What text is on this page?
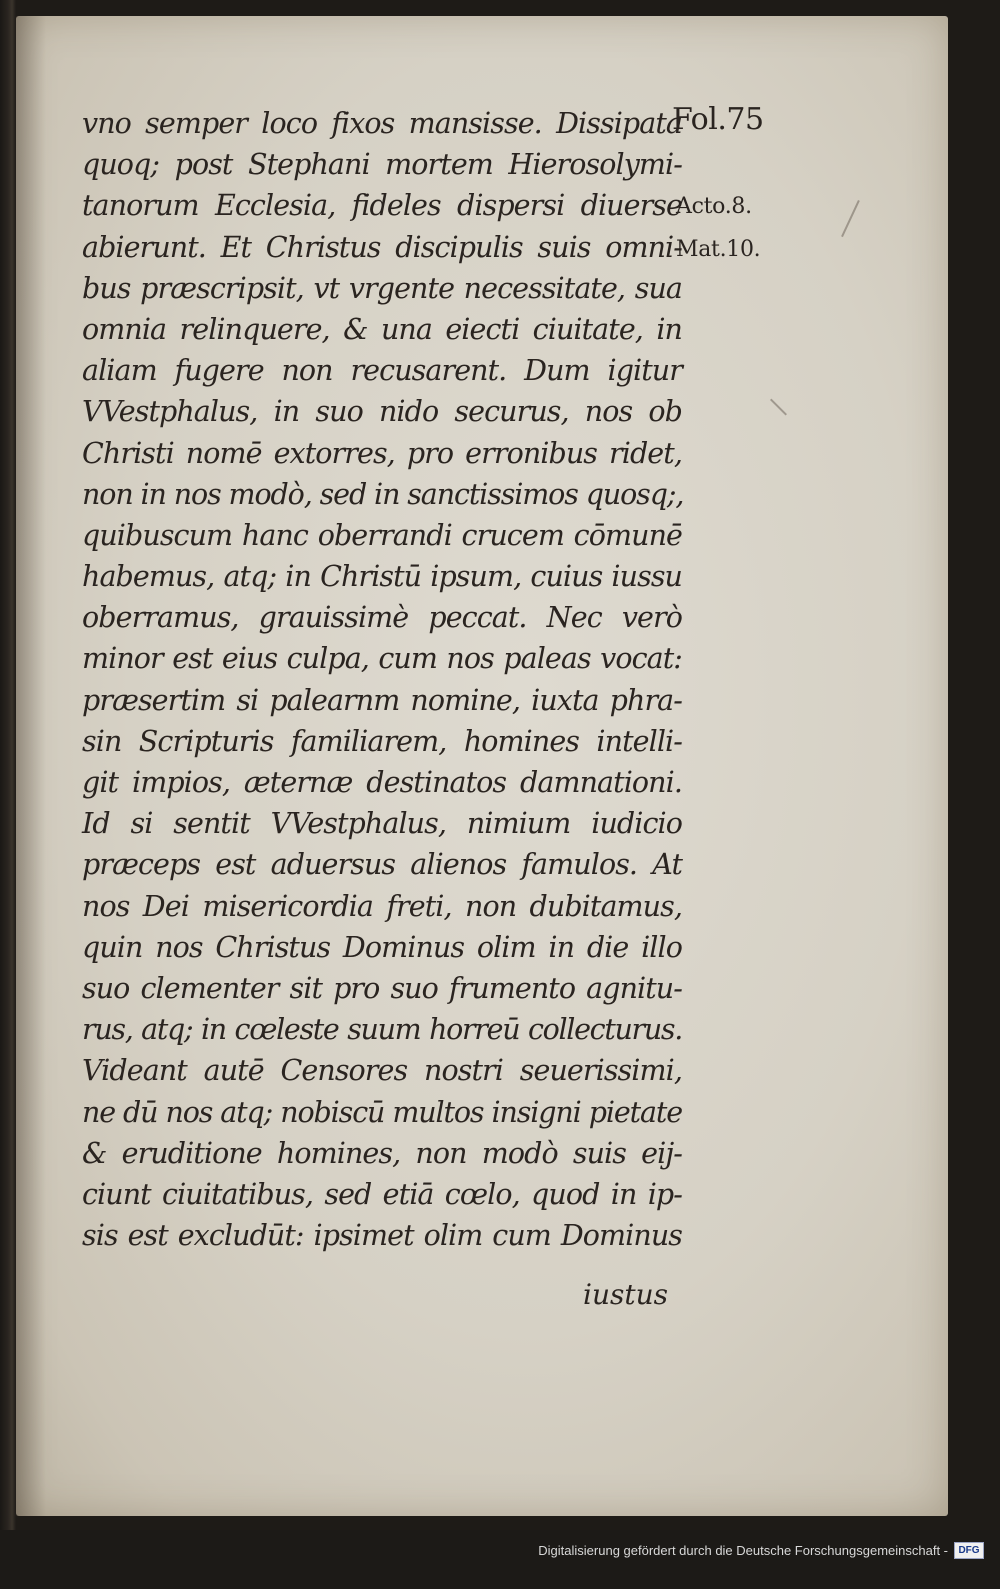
Fol.75
Acto.8.
Mat.10.
vno semper loco fixos mansisse. Dissipata
quoq; post Stephani mortem Hierosolymi-
tanorum Ecclesia, fideles dispersi diuerse
abierunt. Et Christus discipulis suis omni-
bus præscripsit, vt vrgente necessitate, sua
omnia relinquere, & una eiecti ciuitate, in
aliam fugere non recusarent. Dum igitur
VVestphalus, in suo nido securus, nos ob
Christi nomē extorres, pro erronibus ridet,
non in nos modò, sed in sanctissimos quosq;,
quibuscum hanc oberrandi crucem cōmunē
habemus, atq; in Christū ipsum, cuius iussu
oberramus, grauissimè peccat. Nec verò
minor est eius culpa, cum nos paleas vocat:
præsertim si palearnm nomine, iuxta phra-
sin Scripturis familiarem, homines intelli-
git impios, æternæ destinatos damnationi.
Id si sentit VVestphalus, nimium iudicio
præceps est aduersus alienos famulos. At
nos Dei misericordia freti, non dubitamus,
quin nos Christus Dominus olim in die illo
suo clementer sit pro suo frumento agnitu-
rus, atq; in cœleste suum horreū collecturus.
Videant autē Censores nostri seuerissimi,
ne dū nos atq; nobiscū multos insigni pietate
& eruditione homines, non modò suis eij-
ciunt ciuitatibus, sed etiā cœlo, quod in ip-
sis est excludūt: ipsimet olim cum Dominus
iustus
Digitalisierung gefördert durch die Deutsche Forschungsgemeinschaft -	DFG
